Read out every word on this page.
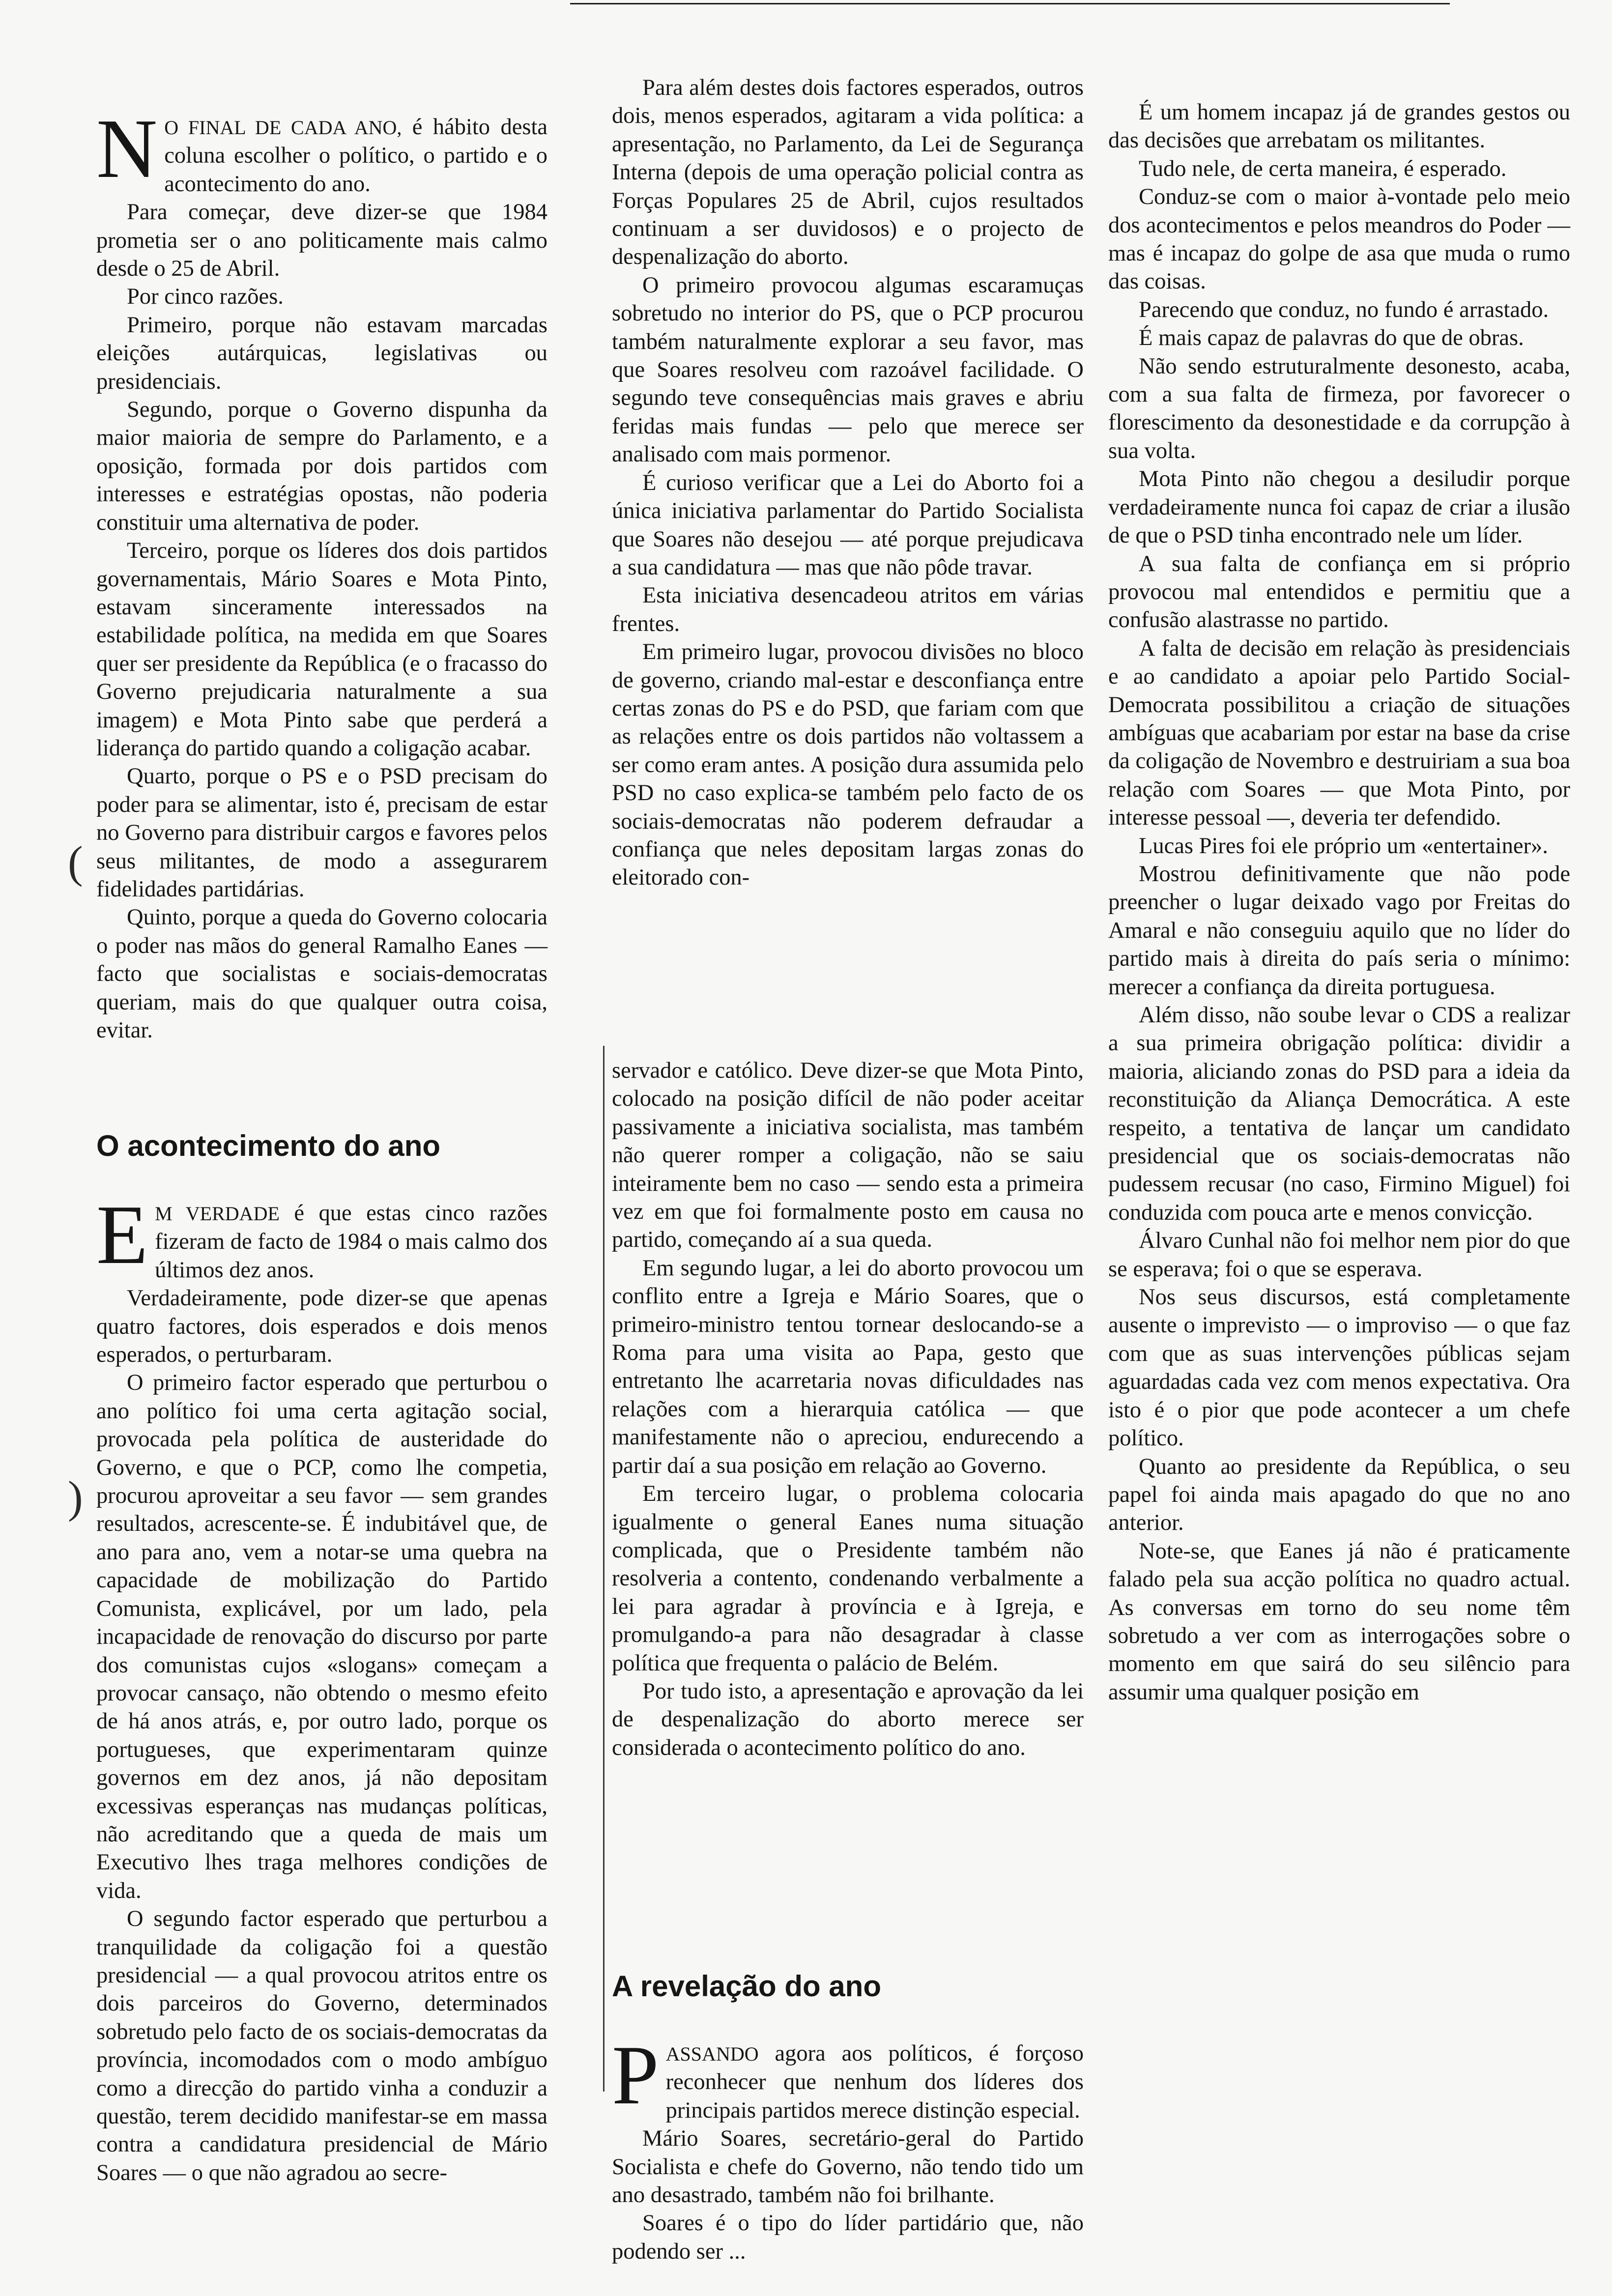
(
)

N O FINAL DE CADA ANO, é hábito desta coluna escolher o político, o partido e o acontecimento do ano.

Para começar, deve dizer-se que 1984 prometia ser o ano politicamente mais calmo desde o 25 de Abril.

Por cinco razões.

Primeiro, porque não estavam marcadas eleições autárquicas, legislativas ou presidenciais.

Segundo, porque o Governo dispunha da maior maioria de sempre do Parlamento, e a oposição, formada por dois partidos com interesses e estratégias opostas, não poderia constituir uma alternativa de poder.

Terceiro, porque os líderes dos dois partidos governamentais, Mário Soares e Mota Pinto, estavam sinceramente interessados na estabilidade política, na medida em que Soares quer ser presidente da República (e o fracasso do Governo prejudicaria naturalmente a sua imagem) e Mota Pinto sabe que perderá a liderança do partido quando a coligação acabar.

Quarto, porque o PS e o PSD precisam do poder para se alimentar, isto é, precisam de estar no Governo para distribuir cargos e favores pelos seus militantes, de modo a assegurarem fidelidades partidárias.

Quinto, porque a queda do Governo colocaria o poder nas mãos do general Ramalho Eanes — facto que socialistas e sociais-democratas queriam, mais do que qualquer outra coisa, evitar.

O acontecimento do ano

E M VERDADE é que estas cinco razões fizeram de facto de 1984 o mais calmo dos últimos dez anos.

Verdadeiramente, pode dizer-se que apenas quatro factores, dois esperados e dois menos esperados, o perturbaram.

O primeiro factor esperado que perturbou o ano político foi uma certa agitação social, provocada pela política de austeridade do Governo, e que o PCP, como lhe competia, procurou aproveitar a seu favor — sem grandes resultados, acrescente-se. É indubitável que, de ano para ano, vem a notar-se uma quebra na capacidade de mobilização do Partido Comunista, explicável, por um lado, pela incapacidade de renovação do discurso por parte dos comunistas cujos «slogans» começam a provocar cansaço, não obtendo o mesmo efeito de há anos atrás, e, por outro lado, porque os portugueses, que experimentaram quinze governos em dez anos, já não depositam excessivas esperanças nas mudanças políticas, não acreditando que a queda de mais um Executivo lhes traga melhores condições de vida.

O segundo factor esperado que perturbou a tranquilidade da coligação foi a questão presidencial — a qual provocou atritos entre os dois parceiros do Governo, determinados sobretudo pelo facto de os sociais-democratas da província, incomodados com o modo ambíguo como a direcção do partido vinha a conduzir a questão, terem decidido manifestar-se em massa contra a candidatura presidencial de Mário Soares — o que não agradou ao secre-

Para além destes dois factores esperados, outros dois, menos esperados, agitaram a vida política: a apresentação, no Parlamento, da Lei de Segurança Interna (depois de uma operação policial contra as Forças Populares 25 de Abril, cujos resultados continuam a ser duvidosos) e o projecto de despenalização do aborto.

O primeiro provocou algumas escaramuças sobretudo no interior do PS, que o PCP procurou também naturalmente explorar a seu favor, mas que Soares resolveu com razoável facilidade. O segundo teve consequências mais graves e abriu feridas mais fundas — pelo que merece ser analisado com mais pormenor.

É curioso verificar que a Lei do Aborto foi a única iniciativa parlamentar do Partido Socialista que Soares não desejou — até porque prejudicava a sua candidatura — mas que não pôde travar.

Esta iniciativa desencadeou atritos em várias frentes.

Em primeiro lugar, provocou divisões no bloco de governo, criando mal-estar e desconfiança entre certas zonas do PS e do PSD, que fariam com que as relações entre os dois partidos não voltassem a ser como eram antes. A posição dura assumida pelo PSD no caso explica-se também pelo facto de os sociais-democratas não poderem defraudar a confiança que neles depositam largas zonas do eleitorado con-

servador e católico. Deve dizer-se que Mota Pinto, colocado na posição difícil de não poder aceitar passivamente a iniciativa socialista, mas também não querer romper a coligação, não se saiu inteiramente bem no caso — sendo esta a primeira vez em que foi formalmente posto em causa no partido, começando aí a sua queda.

Em segundo lugar, a lei do aborto provocou um conflito entre a Igreja e Mário Soares, que o primeiro-ministro tentou tornear deslocando-se a Roma para uma visita ao Papa, gesto que entretanto lhe acarretaria novas dificuldades nas relações com a hierarquia católica — que manifestamente não o apreciou, endurecendo a partir daí a sua posição em relação ao Governo.

Em terceiro lugar, o problema colocaria igualmente o general Eanes numa situação complicada, que o Presidente também não resolveria a contento, condenando verbalmente a lei para agradar à província e à Igreja, e promulgando-a para não desagradar à classe política que frequenta o palácio de Belém.

Por tudo isto, a apresentação e aprovação da lei de despenalização do aborto merece ser considerada o acontecimento político do ano.

A revelação do ano

PASSANDO agora aos políticos, é forçoso reconhecer que nenhum dos líderes dos principais partidos merece distinção especial.

Mário Soares, secretário-geral do Partido Socialista e chefe do Governo, não tendo tido um ano desastrado, também não foi brilhante.

Soares é o tipo do líder partidário que, não podendo ser ...

É um homem incapaz já de grandes gestos ou das decisões que arrebatam os militantes.

Tudo nele, de certa maneira, é esperado.

Conduz-se com o maior à-vontade pelo meio dos acontecimentos e pelos meandros do Poder — mas é incapaz do golpe de asa que muda o rumo das coisas.

Parecendo que conduz, no fundo é arrastado.

É mais capaz de palavras do que de obras.

Não sendo estruturalmente desonesto, acaba, com a sua falta de firmeza, por favorecer o florescimento da desonestidade e da corrupção à sua volta.

Mota Pinto não chegou a desiludir porque verdadeiramente nunca foi capaz de criar a ilusão de que o PSD tinha encontrado nele um líder.

A sua falta de confiança em si próprio provocou mal entendidos e permitiu que a confusão alastrasse no partido.

A falta de decisão em relação às presidenciais e ao candidato a apoiar pelo Partido Social-Democrata possibilitou a criação de situações ambíguas que acabariam por estar na base da crise da coligação de Novembro e destruiriam a sua boa relação com Soares — que Mota Pinto, por interesse pessoal —, deveria ter defendido.

Lucas Pires foi ele próprio um «entertainer».

Mostrou definitivamente que não pode preencher o lugar deixado vago por Freitas do Amaral e não conseguiu aquilo que no líder do partido mais à direita do país seria o mínimo: merecer a confiança da direita portuguesa.

Além disso, não soube levar o CDS a realizar a sua primeira obrigação política: dividir a maioria, aliciando zonas do PSD para a ideia da reconstituição da Aliança Democrática. A este respeito, a tentativa de lançar um candidato presidencial que os sociais-democratas não pudessem recusar (no caso, Firmino Miguel) foi conduzida com pouca arte e menos convicção.

Álvaro Cunhal não foi melhor nem pior do que se esperava; foi o que se esperava.

Nos seus discursos, está completamente ausente o imprevisto — o improviso — o que faz com que as suas intervenções públicas sejam aguardadas cada vez com menos expectativa. Ora isto é o pior que pode acontecer a um chefe político.

Quanto ao presidente da República, o seu papel foi ainda mais apagado do que no ano anterior.

Note-se, que Eanes já não é praticamente falado pela sua acção política no quadro actual. As conversas em torno do seu nome têm sobretudo a ver com as interrogações sobre o momento em que sairá do seu silêncio para assumir uma qualquer posição em
